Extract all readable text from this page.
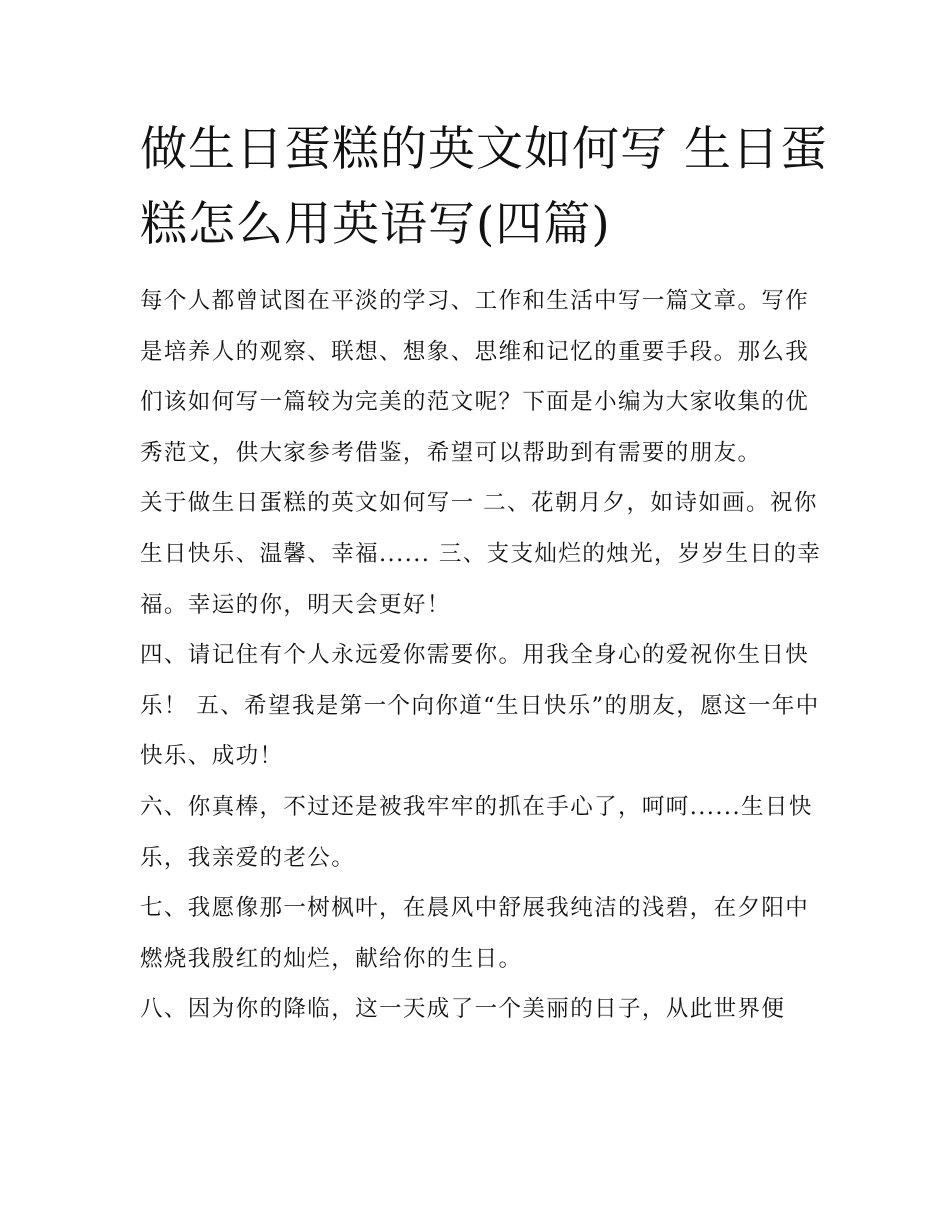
做生日蛋糕的英文如何写 生日蛋糕怎么用英语写(四篇)

每个人都曾试图在平淡的学习、工作和生活中写一篇文章。写作是培养人的观察、联想、想象、思维和记忆的重要手段。那么我们该如何写一篇较为完美的范文呢？下面是小编为大家收集的优秀范文，供大家参考借鉴，希望可以帮助到有需要的朋友。

关于做生日蛋糕的英文如何写一 二、花朝月夕，如诗如画。祝你生日快乐、温馨、幸福...... 三、支支灿烂的烛光，岁岁生日的幸福。幸运的你，明天会更好！

四、请记住有个人永远爱你需要你。用我全身心的爱祝你生日快乐！ 五、希望我是第一个向你道“生日快乐”的朋友，愿这一年中快乐、成功！

六、你真棒，不过还是被我牢牢的抓在手心了，呵呵......生日快乐，我亲爱的老公。

七、我愿像那一树枫叶，在晨风中舒展我纯洁的浅碧，在夕阳中燃烧我殷红的灿烂，献给你的生日。

八、因为你的降临，这一天成了一个美丽的日子，从此世界便
